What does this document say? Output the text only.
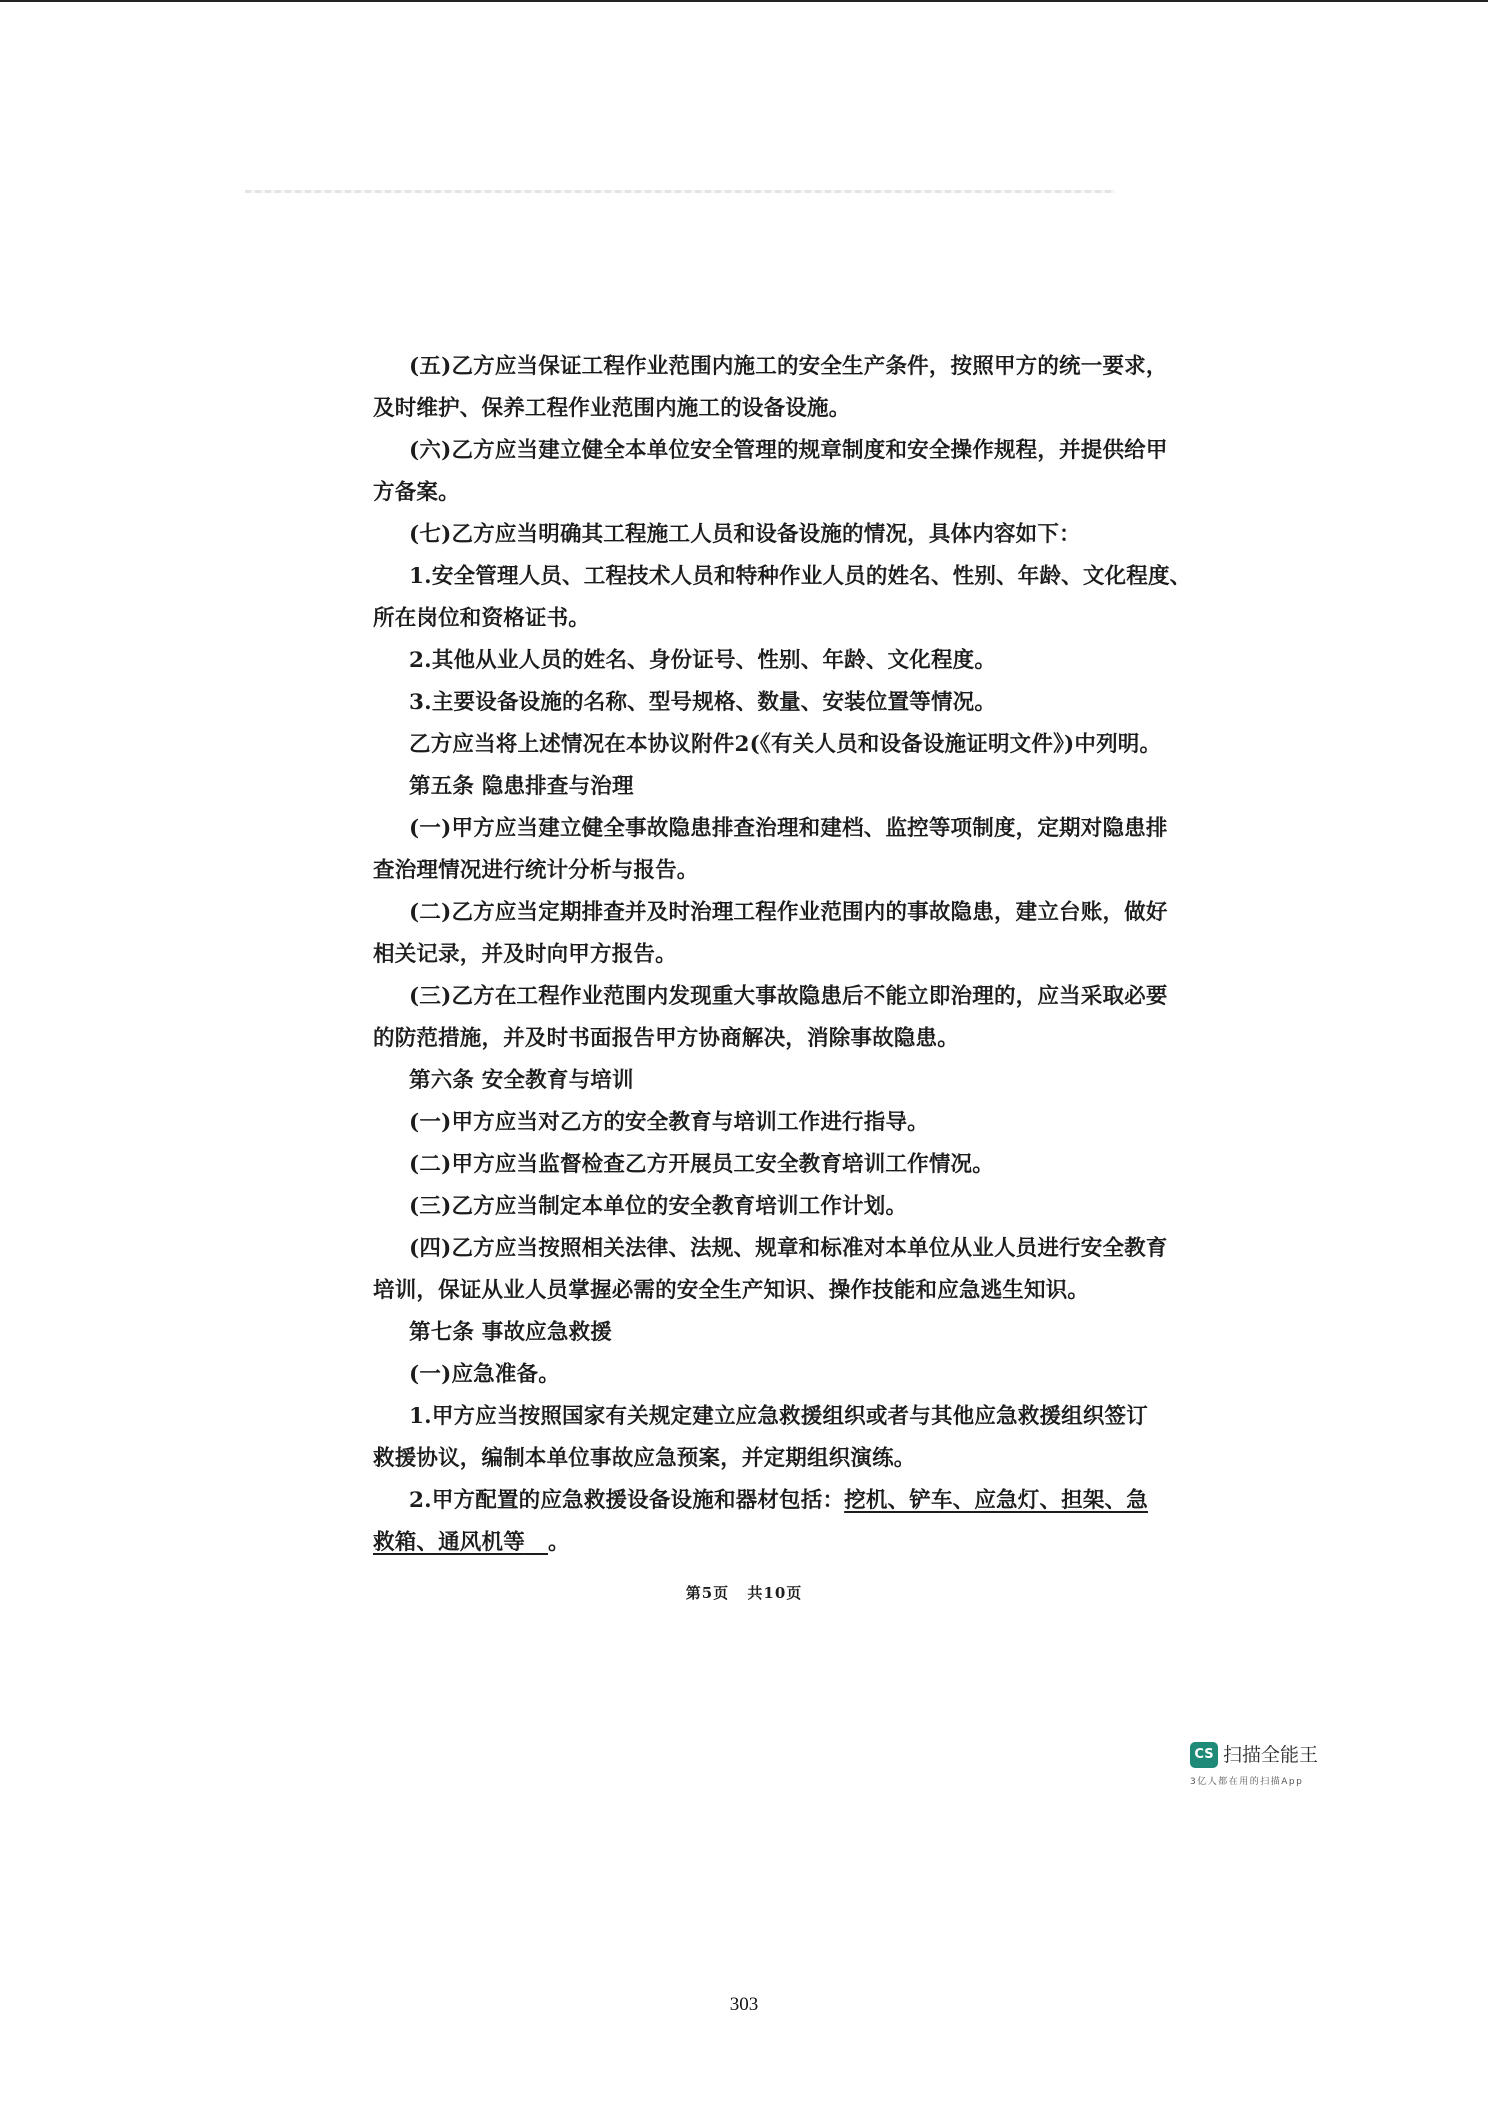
(五)乙方应当保证工程作业范围内施工的安全生产条件，按照甲方的统一要求，
及时维护、保养工程作业范围内施工的设备设施。
(六)乙方应当建立健全本单位安全管理的规章制度和安全操作规程，并提供给甲
方备案。
(七)乙方应当明确其工程施工人员和设备设施的情况，具体内容如下：
1.安全管理人员、工程技术人员和特种作业人员的姓名、性别、年龄、文化程度、
所在岗位和资格证书。
2.其他从业人员的姓名、身份证号、性别、年龄、文化程度。
3.主要设备设施的名称、型号规格、数量、安装位置等情况。
乙方应当将上述情况在本协议附件2(《有关人员和设备设施证明文件》)中列明。
第五条 隐患排查与治理
(一)甲方应当建立健全事故隐患排查治理和建档、监控等项制度，定期对隐患排
查治理情况进行统计分析与报告。
(二)乙方应当定期排查并及时治理工程作业范围内的事故隐患，建立台账，做好
相关记录，并及时向甲方报告。
(三)乙方在工程作业范围内发现重大事故隐患后不能立即治理的，应当采取必要
的防范措施，并及时书面报告甲方协商解决，消除事故隐患。
第六条 安全教育与培训
(一)甲方应当对乙方的安全教育与培训工作进行指导。
(二)甲方应当监督检查乙方开展员工安全教育培训工作情况。
(三)乙方应当制定本单位的安全教育培训工作计划。
(四)乙方应当按照相关法律、法规、规章和标准对本单位从业人员进行安全教育
培训，保证从业人员掌握必需的安全生产知识、操作技能和应急逃生知识。
第七条 事故应急救援
(一)应急准备。
1.甲方应当按照国家有关规定建立应急救援组织或者与其他应急救援组织签订
救援协议，编制本单位事故应急预案，并定期组织演练。
2.甲方配置的应急救援设备设施和器材包括：挖机、铲车、应急灯、担架、急
救箱、通风机等 。
第5页 共10页
CS 扫描全能王
3亿人都在用的扫描App
303
